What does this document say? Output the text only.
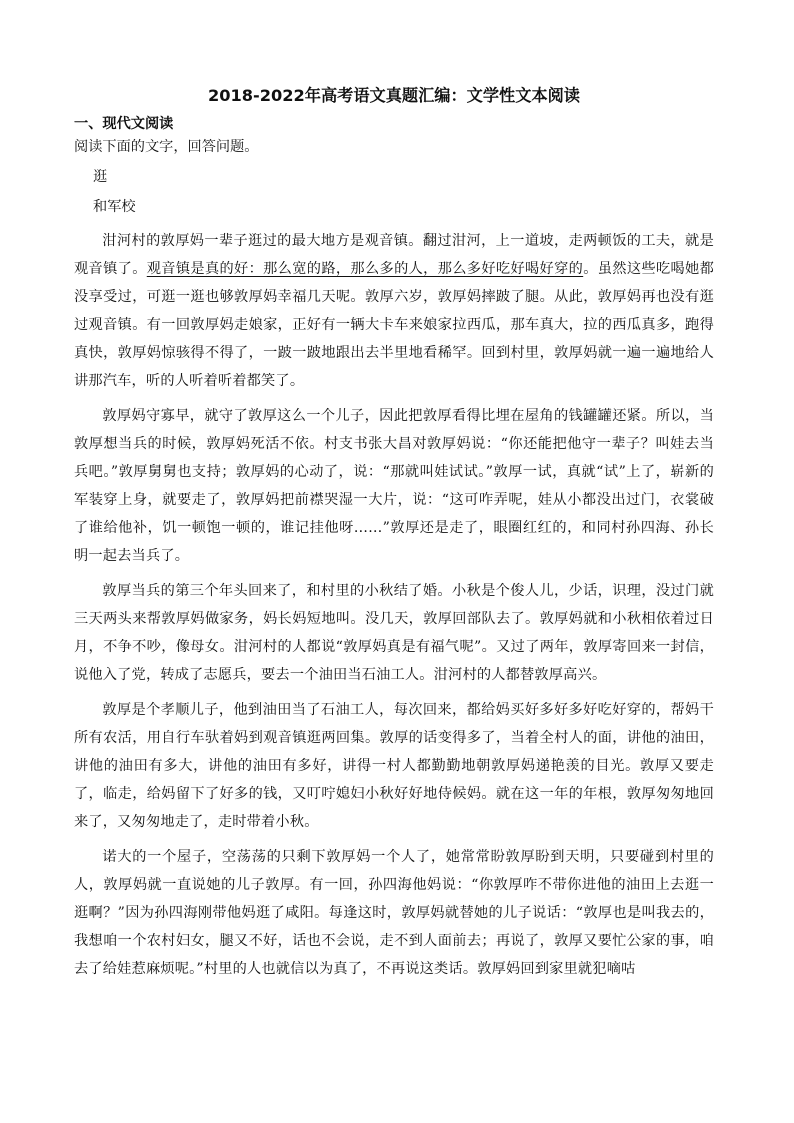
2018-2022年高考语文真题汇编：文学性文本阅读
一、现代文阅读
阅读下面的文字，回答问题。
逛
和军校

泔河村的敦厚妈一辈子逛过的最大地方是观音镇。翻过泔河，上一道坡，走两顿饭的工夫，就是观音镇了。观音镇是真的好：那么宽的路，那么多的人，那么多好吃好喝好穿的。虽然这些吃喝她都没享受过，可逛一逛也够敦厚妈幸福几天呢。敦厚六岁，敦厚妈摔跛了腿。从此，敦厚妈再也没有逛过观音镇。有一回敦厚妈走娘家，正好有一辆大卡车来娘家拉西瓜，那车真大，拉的西瓜真多，跑得真快，敦厚妈惊骇得不得了，一跛一跛地跟出去半里地看稀罕。回到村里，敦厚妈就一遍一遍地给人讲那汽车，听的人听着听着都笑了。

敦厚妈守寡早，就守了敦厚这么一个儿子，因此把敦厚看得比埋在屋角的钱罐罐还紧。所以，当敦厚想当兵的时候，敦厚妈死活不依。村支书张大昌对敦厚妈说：“你还能把他守一辈子？叫娃去当兵吧。”敦厚舅舅也支持；敦厚妈的心动了，说：“那就叫娃试试。”敦厚一试，真就“试”上了，崭新的军装穿上身，就要走了，敦厚妈把前襟哭湿一大片，说：“这可咋弄呢，娃从小都没出过门，衣裳破了谁给他补，饥一顿饱一顿的，谁记挂他呀……”敦厚还是走了，眼圈红红的，和同村孙四海、孙长明一起去当兵了。

敦厚当兵的第三个年头回来了，和村里的小秋结了婚。小秋是个俊人儿，少话，识理，没过门就三天两头来帮敦厚妈做家务，妈长妈短地叫。没几天，敦厚回部队去了。敦厚妈就和小秋相依着过日月，不争不吵，像母女。泔河村的人都说“敦厚妈真是有福气呢”。又过了两年，敦厚寄回来一封信，说他入了党，转成了志愿兵，要去一个油田当石油工人。泔河村的人都替敦厚高兴。

敦厚是个孝顺儿子，他到油田当了石油工人，每次回来，都给妈买好多好多好吃好穿的，帮妈干所有农活，用自行车驮着妈到观音镇逛两回集。敦厚的话变得多了，当着全村人的面，讲他的油田，讲他的油田有多大，讲他的油田有多好，讲得一村人都勤勤地朝敦厚妈递艳羡的目光。敦厚又要走了，临走，给妈留下了好多的钱，又叮咛媳妇小秋好好地侍候妈。就在这一年的年根，敦厚匆匆地回来了，又匆匆地走了，走时带着小秋。

诺大的一个屋子，空荡荡的只剩下敦厚妈一个人了，她常常盼敦厚盼到天明，只要碰到村里的人，敦厚妈就一直说她的儿子敦厚。有一回，孙四海他妈说：“你敦厚咋不带你进他的油田上去逛一逛啊？”因为孙四海刚带他妈逛了咸阳。每逢这时，敦厚妈就替她的儿子说话：“敦厚也是叫我去的，我想咱一个农村妇女，腿又不好，话也不会说，走不到人面前去；再说了，敦厚又要忙公家的事，咱去了给娃惹麻烦呢。”村里的人也就信以为真了，不再说这类话。敦厚妈回到家里就犯嘀咕
